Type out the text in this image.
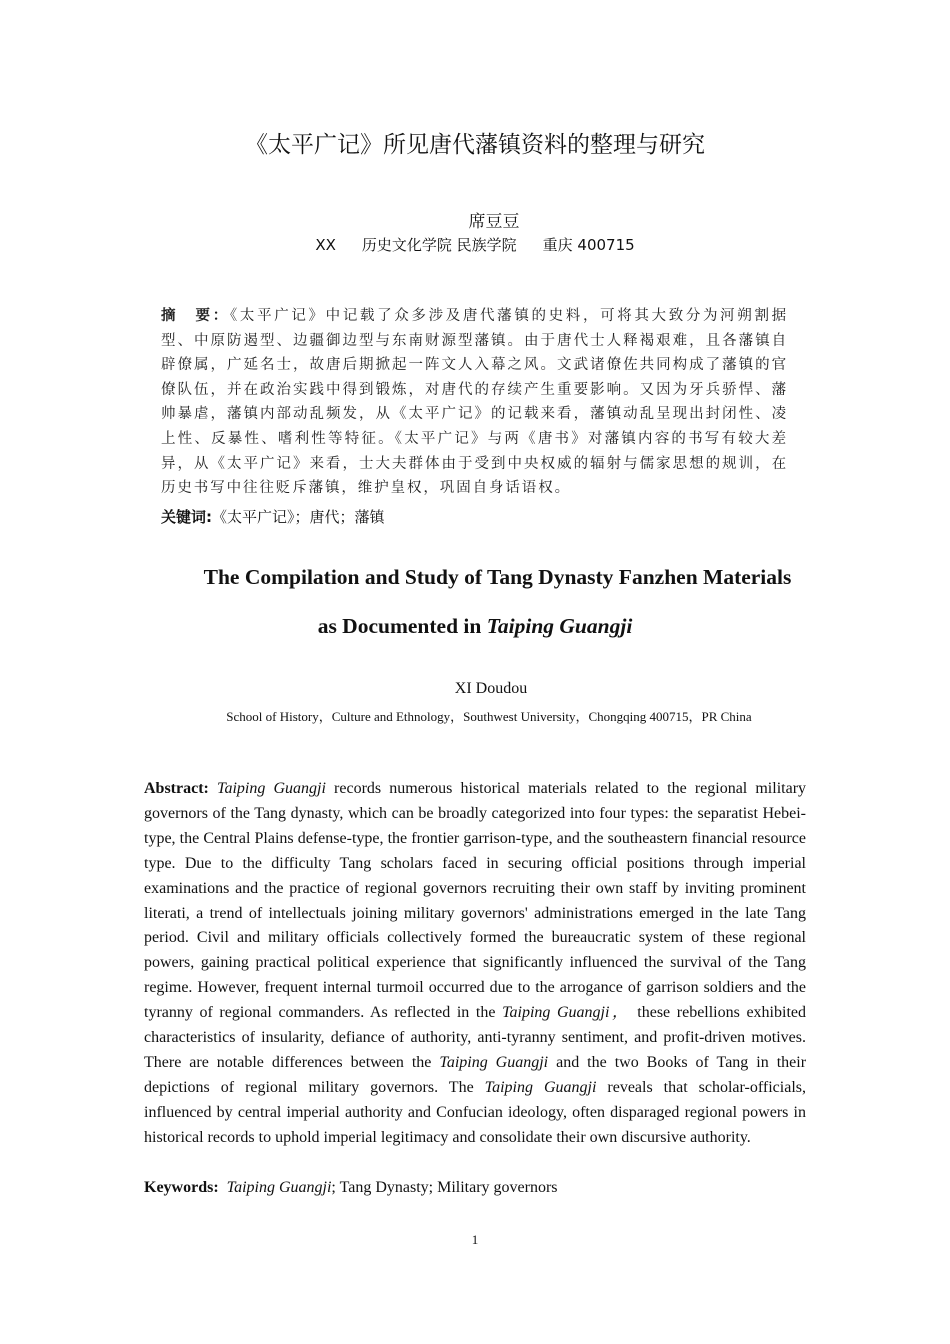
《太平广记》所见唐代藩镇资料的整理与研究
席豆豆
XX 历史文化学院 民族学院 重庆 400715
摘　要：《太平广记》中记载了众多涉及唐代藩镇的史料，可将其大致分为河朔割据型、中原防遏型、边疆御边型与东南财源型藩镇。由于唐代士人释褐艰难，且各藩镇自辟僚属，广延名士，故唐后期掀起一阵文人入幕之风。文武诸僚佐共同构成了藩镇的官僚队伍，并在政治实践中得到锻炼，对唐代的存续产生重要影响。又因为牙兵骄悍、藩帅暴虐，藩镇内部动乱频发，从《太平广记》的记载来看，藩镇动乱呈现出封闭性、凌上性、反暴性、嗜利性等特征。《太平广记》与两《唐书》对藩镇内容的书写有较大差异，从《太平广记》来看，士大夫群体由于受到中央权威的辐射与儒家思想的规训，在历史书写中往往贬斥藩镇，维护皇权，巩固自身话语权。
关键词:《太平广记》；唐代；藩镇
The Compilation and Study of Tang Dynasty Fanzhen Materials
as Documented in Taiping Guangji
XI Doudou
School of History，Culture and Ethnology，Southwest University，Chongqing 400715，PR China
Abstract: Taiping Guangji records numerous historical materials related to the regional military governors of the Tang dynasty, which can be broadly categorized into four types: the separatist Hebei-type, the Central Plains defense-type, the frontier garrison-type, and the southeastern financial resource type. Due to the difficulty Tang scholars faced in securing official positions through imperial examinations and the practice of regional governors recruiting their own staff by inviting prominent literati, a trend of intellectuals joining military governors' administrations emerged in the late Tang period. Civil and military officials collectively formed the bureaucratic system of these regional powers, gaining practical political experience that significantly influenced the survival of the Tang regime. However, frequent internal turmoil occurred due to the arrogance of garrison soldiers and the tyranny of regional commanders. As reflected in the Taiping Guangji， these rebellions exhibited characteristics of insularity, defiance of authority, anti-tyranny sentiment, and profit-driven motives. There are notable differences between the Taiping Guangji and the two Books of Tang in their depictions of regional military governors. The Taiping Guangji reveals that scholar-officials, influenced by central imperial authority and Confucian ideology, often disparaged regional powers in historical records to uphold imperial legitimacy and consolidate their own discursive authority.
Keywords: Taiping Guangji; Tang Dynasty; Military governors
1
